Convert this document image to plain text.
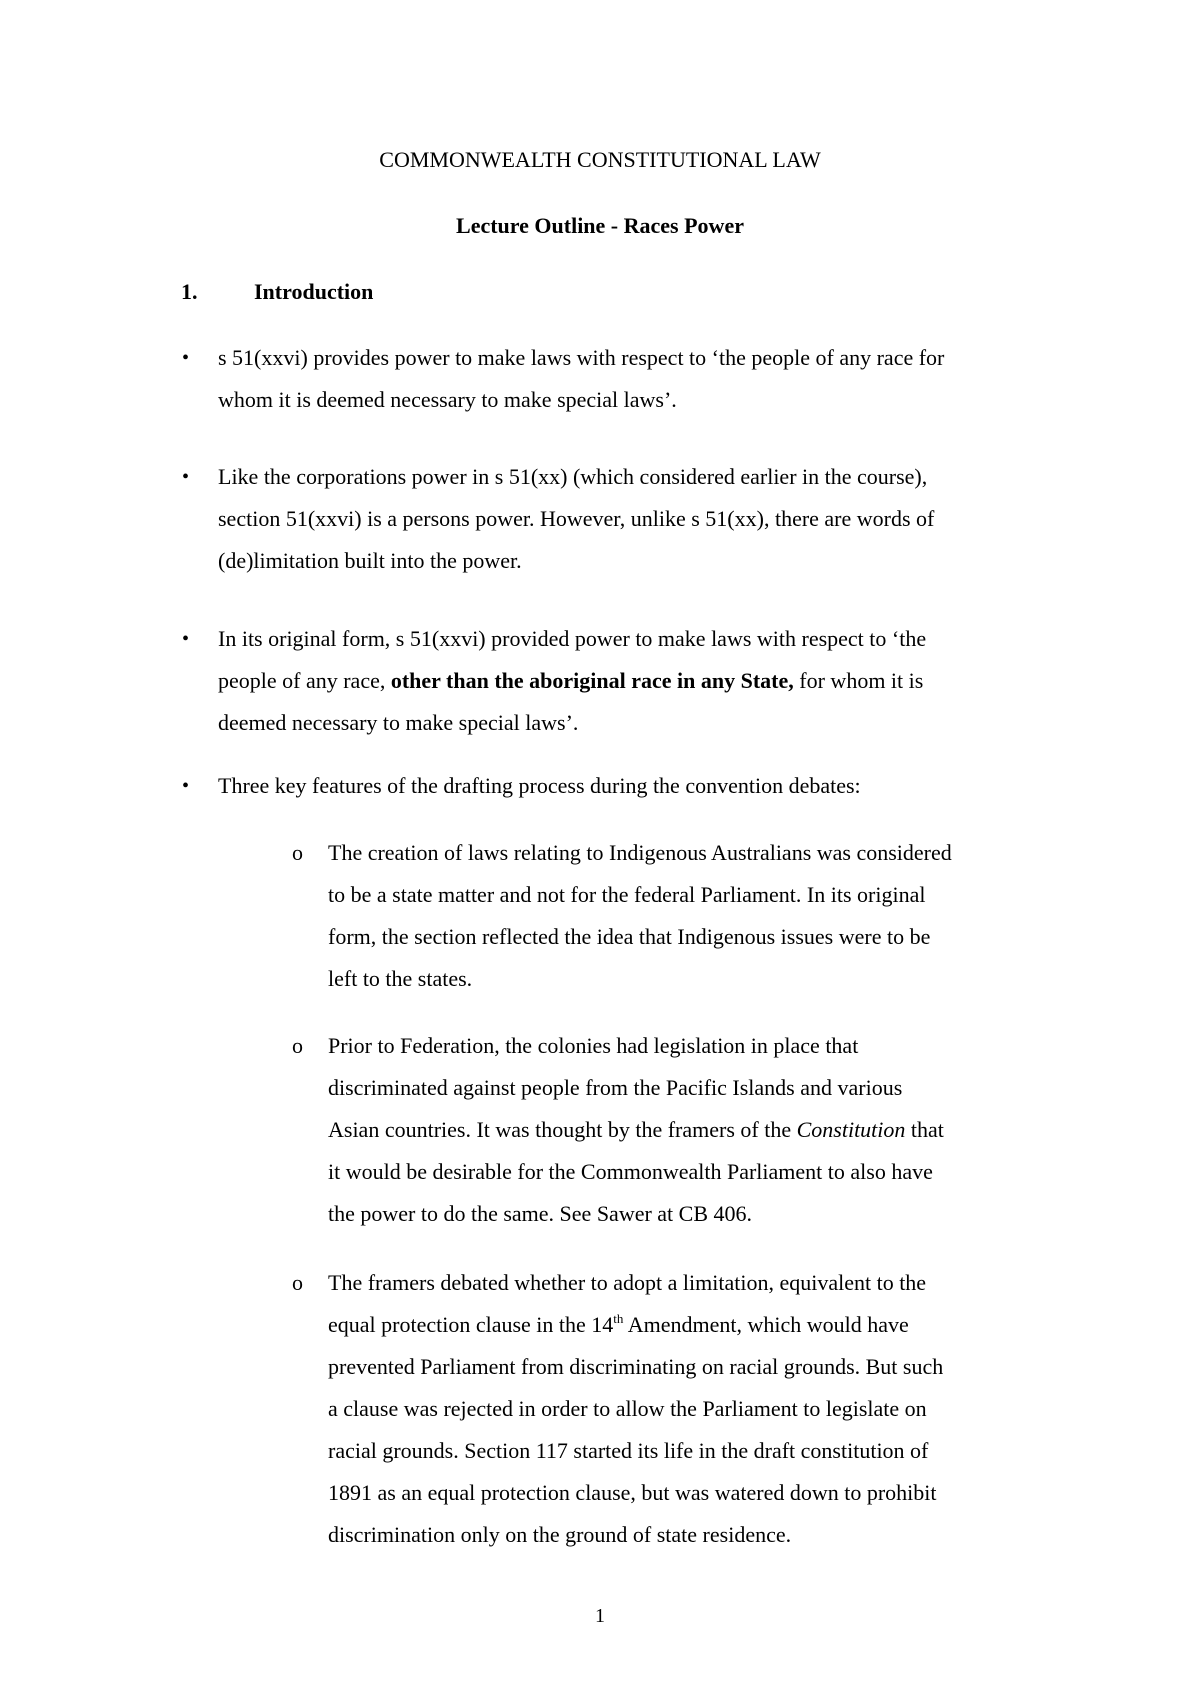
COMMONWEALTH CONSTITUTIONAL LAW
Lecture Outline - Races Power
1.	Introduction
• s 51(xxvi) provides power to make laws with respect to ‘the people of any race for
whom it is deemed necessary to make special laws’.
• Like the corporations power in s 51(xx) (which considered earlier in the course),
section 51(xxvi) is a persons power. However, unlike s 51(xx), there are words of
(de)limitation built into the power.
• In its original form, s 51(xxvi) provided power to make laws with respect to ‘the
people of any race, other than the aboriginal race in any State, for whom it is
deemed necessary to make special laws’.
• Three key features of the drafting process during the convention debates:
o The creation of laws relating to Indigenous Australians was considered
to be a state matter and not for the federal Parliament. In its original
form, the section reflected the idea that Indigenous issues were to be
left to the states.
o Prior to Federation, the colonies had legislation in place that
discriminated against people from the Pacific Islands and various
Asian countries. It was thought by the framers of the Constitution that
it would be desirable for the Commonwealth Parliament to also have
the power to do the same. See Sawer at CB 406.
o The framers debated whether to adopt a limitation, equivalent to the
equal protection clause in the 14th Amendment, which would have
prevented Parliament from discriminating on racial grounds. But such
a clause was rejected in order to allow the Parliament to legislate on
racial grounds. Section 117 started its life in the draft constitution of
1891 as an equal protection clause, but was watered down to prohibit
discrimination only on the ground of state residence.
1
